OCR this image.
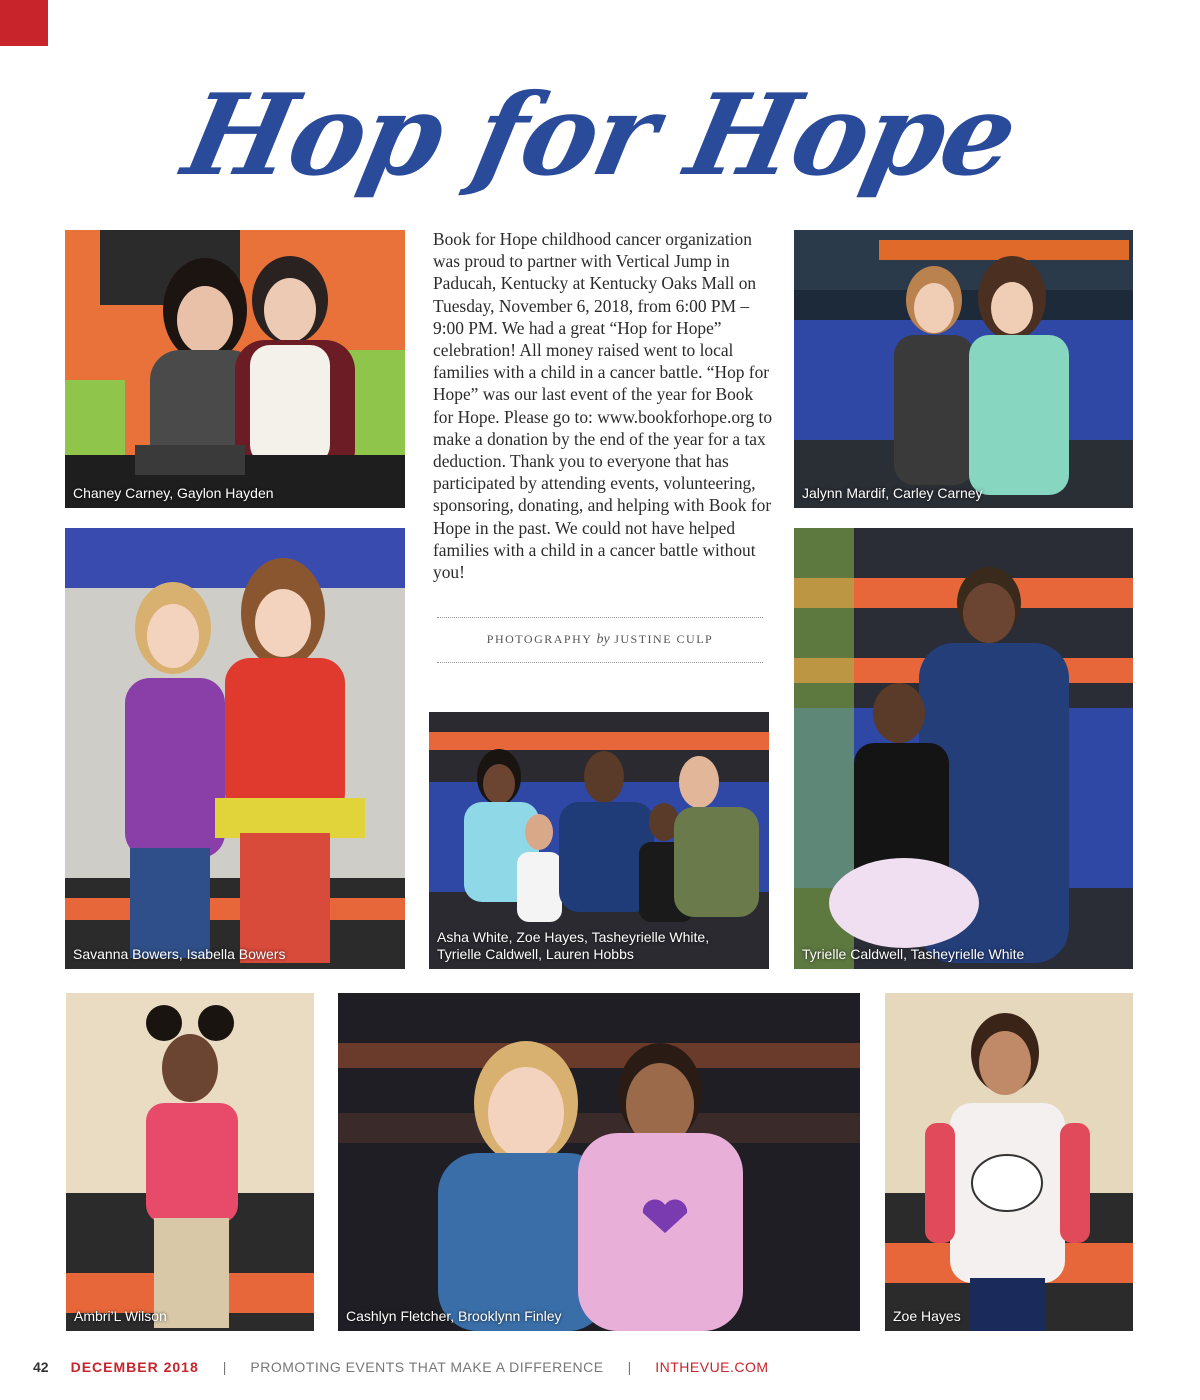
Hop for Hope
Chaney Carney, Gaylon Hayden	Jalynn Mardif, Carley Carney
Savanna Bowers, Isabella Bowers
Asha White, Zoe Hayes, Tasheyrielle White,
Tyrielle Caldwell, Lauren Hobbs	Tyrielle Caldwell, Tasheyrielle White
Ambri’L Wilson	Cashlyn Fletcher, Brooklynn Finley	Zoe Hayes
Book for Hope childhood cancer organization was proud to partner with Vertical Jump in Paducah, Kentucky at Kentucky Oaks Mall on Tuesday, November 6, 2018, from 6:00 PM – 9:00 PM. We had a great “Hop for Hope” celebration! All money raised went to local families with a child in a cancer battle. “Hop for Hope” was our last event of the year for Book for Hope. Please go to: www.bookforhope.org to make a donation by the end of the year for a tax deduction. Thank you to everyone that has participated by attending events, volunteering, sponsoring, donating, and helping with Book for Hope in the past. We could not have helped families with a child in a cancer battle without you!
PHOTOGRAPHY by JUSTINE CULP
42 DECEMBER 2018 | PROMOTING EVENTS THAT MAKE A DIFFERENCE | INTHEVUE.COM
